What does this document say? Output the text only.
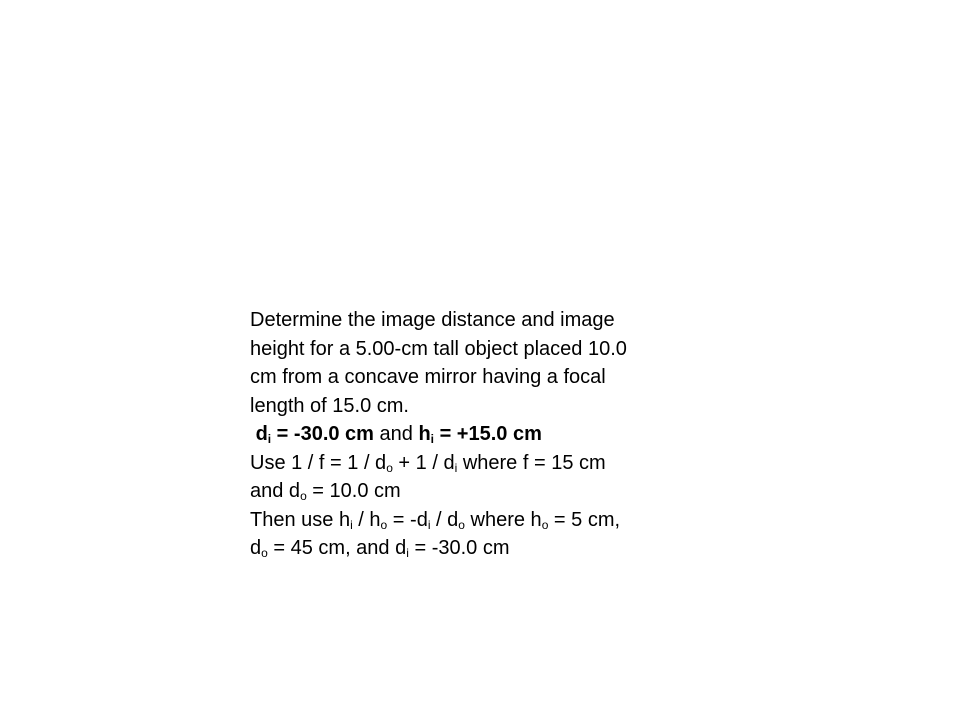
Determine the image distance and image
height for a 5.00-cm tall object placed 10.0
cm from a concave mirror having a focal
length of 15.0 cm.
$d_i = -30.0$ cm and $h_i = +15.0$ cm
Use $1 / f = 1 / d_o + 1 / d_i$ where f = 15 cm
and $d_o = 10.0$ cm
Then use $h_i / h_o = -d_i / d_o$ where $h_o = 5$ cm,
$d_o = 45$ cm, and $d_i = -30.0$ cm
